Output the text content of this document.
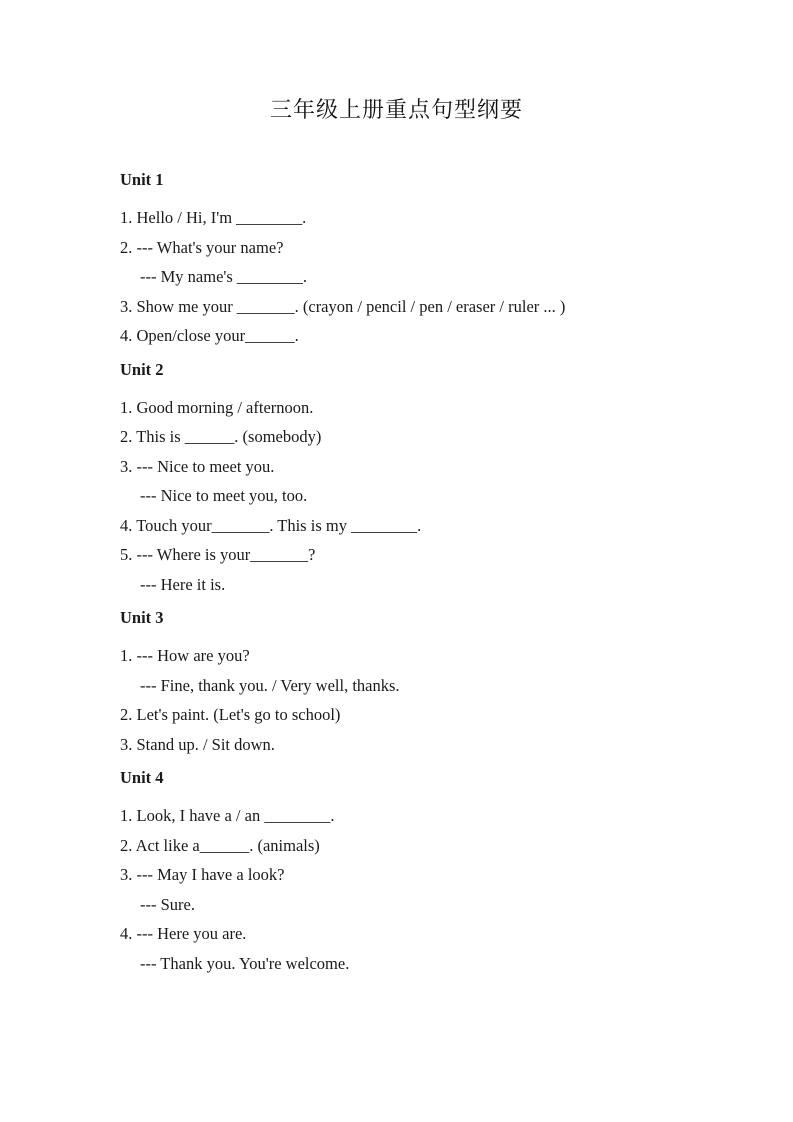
三年级上册重点句型纲要
Unit 1
1. Hello / Hi, I'm ________.
2. --- What's your name?
--- My name's ________.
3. Show me your _______. (crayon / pencil / pen / eraser / ruler ... )
4. Open/close your______.
Unit 2
1. Good morning / afternoon.
2. This is ______. (somebody)
3. --- Nice to meet you.
--- Nice to meet you, too.
4. Touch your_______. This is my ________.
5. --- Where is your_______?
--- Here it is.
Unit 3
1. --- How are you?
--- Fine, thank you. / Very well, thanks.
2. Let's paint. (Let's go to school)
3. Stand up. / Sit down.
Unit 4
1. Look, I have a / an ________.
2. Act like a______. (animals)
3. --- May I have a look?
--- Sure.
4. --- Here you are.
--- Thank you. You're welcome.
